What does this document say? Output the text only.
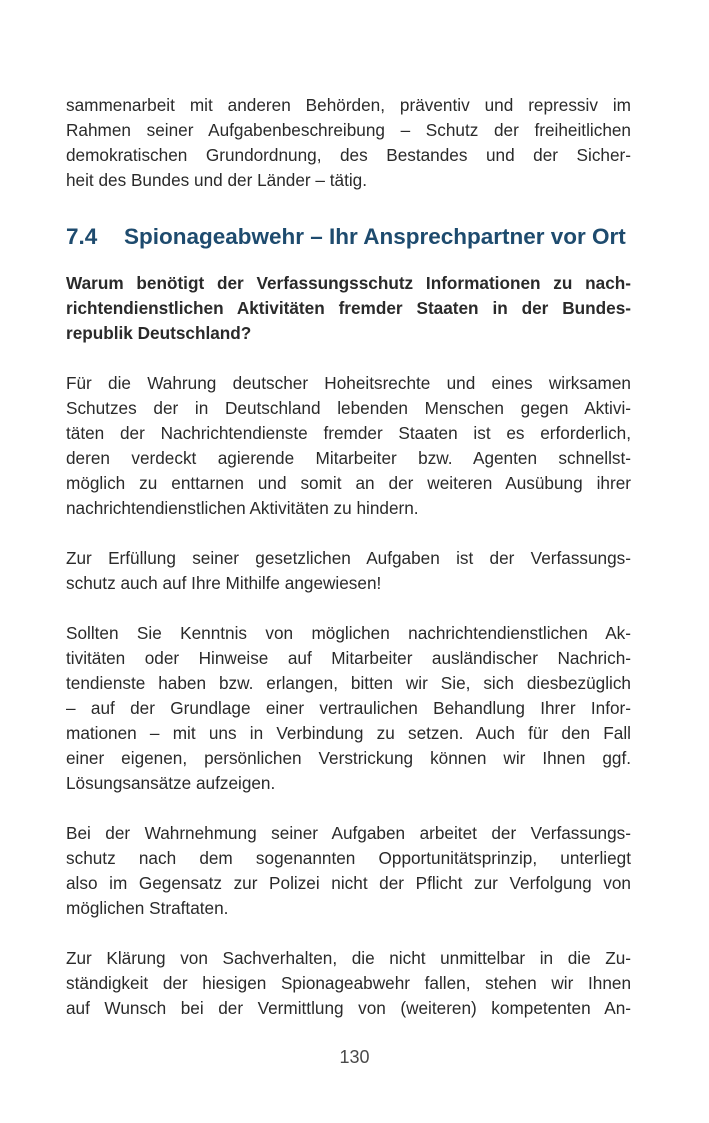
sammenarbeit mit anderen Behörden, präventiv und repressiv im
Rahmen seiner Aufgabenbeschreibung – Schutz der freiheitlichen
demokratischen Grundordnung, des Bestandes und der Sicher-
heit des Bundes und der Länder – tätig.
7.4	Spionageabwehr – Ihr Ansprechpartner vor Ort
Warum benötigt der Verfassungsschutz Informationen zu nach-
richtendienstlichen Aktivitäten fremder Staaten in der Bundes-
republik Deutschland?
Für die Wahrung deutscher Hoheitsrechte und eines wirksamen
Schutzes der in Deutschland lebenden Menschen gegen Aktivi-
täten der Nachrichtendienste fremder Staaten ist es erforderlich,
deren verdeckt agierende Mitarbeiter bzw. Agenten schnellst-
möglich zu enttarnen und somit an der weiteren Ausübung ihrer
nachrichtendienstlichen Aktivitäten zu hindern.
Zur Erfüllung seiner gesetzlichen Aufgaben ist der Verfassungs-
schutz auch auf Ihre Mithilfe angewiesen!
Sollten Sie Kenntnis von möglichen nachrichtendienstlichen Ak-
tivitäten oder Hinweise auf Mitarbeiter ausländischer Nachrich-
tendienste haben bzw. erlangen, bitten wir Sie, sich diesbezüglich
– auf der Grundlage einer vertraulichen Behandlung Ihrer Infor-
mationen – mit uns in Verbindung zu setzen. Auch für den Fall
einer eigenen, persönlichen Verstrickung können wir Ihnen ggf.
Lösungsansätze aufzeigen.
Bei der Wahrnehmung seiner Aufgaben arbeitet der Verfassungs-
schutz nach dem sogenannten Opportunitätsprinzip, unterliegt
also im Gegensatz zur Polizei nicht der Pflicht zur Verfolgung von
möglichen Straftaten.
Zur Klärung von Sachverhalten, die nicht unmittelbar in die Zu-
ständigkeit der hiesigen Spionageabwehr fallen, stehen wir Ihnen
auf Wunsch bei der Vermittlung von (weiteren) kompetenten An-
130
